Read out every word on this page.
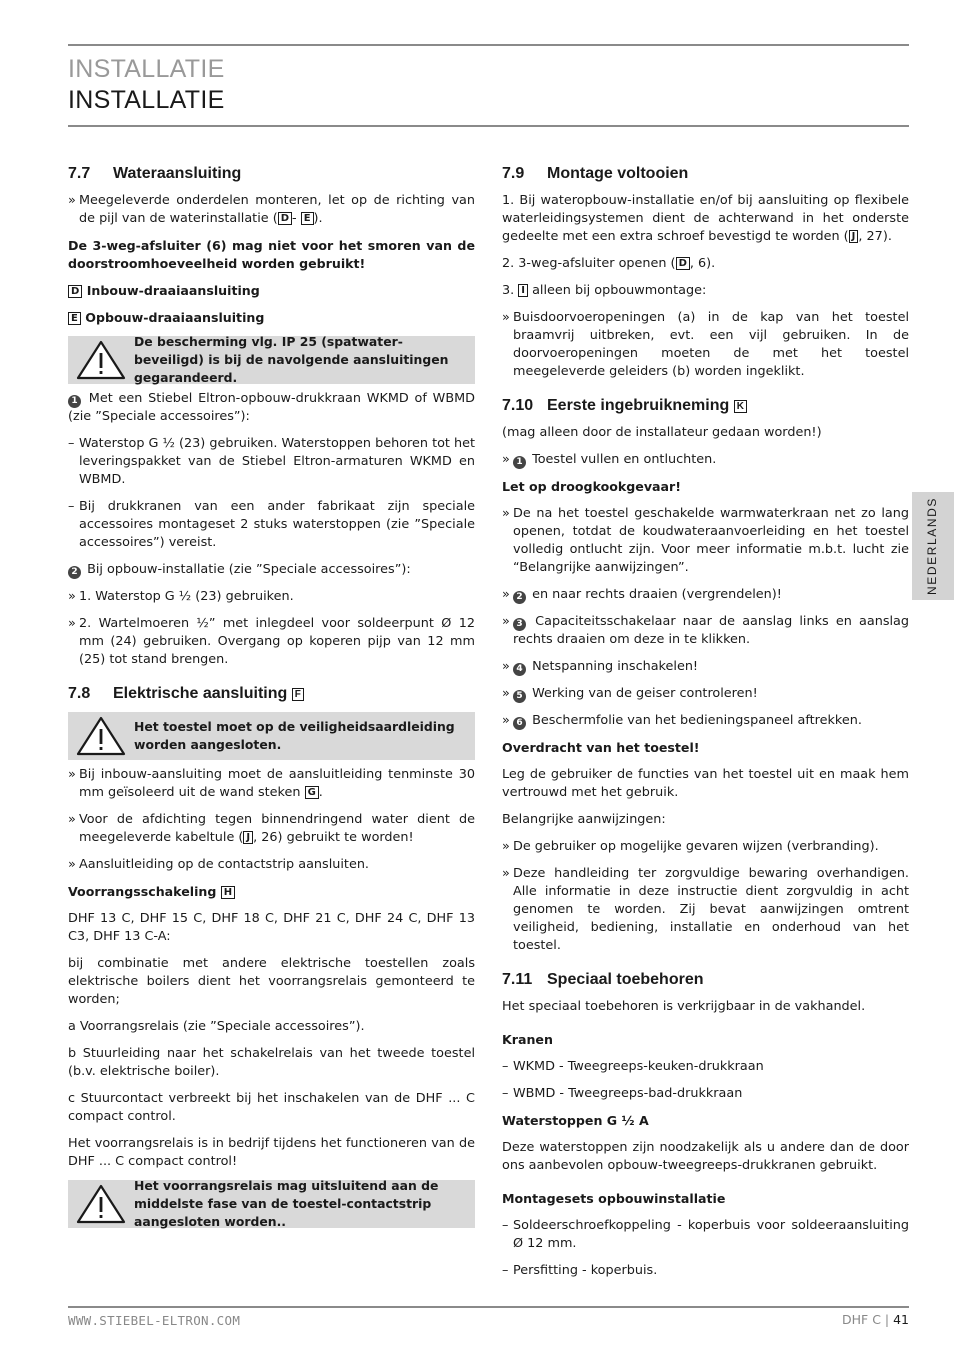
INSTALLATIE
INSTALLATIE
NEDERLANDS
7.7	Wateraansluiting
» Meegeleverde onderdelen monteren, let op de richting van de pijl van de waterinstallatie ( D - E ).
De 3-weg-afsluiter (6) mag niet voor het smoren van de doorstroomhoeveelheid worden gebruikt!
D Inbouw-draaiaansluiting
E Opbouw-draaiaansluiting
De bescherming vlg. IP 25 (spatwater-beveiligd) is bij de navolgende aansluitingen gegarandeerd.
1 Met een Stiebel Eltron-opbouw-drukkraan WKMD of WBMD (zie ”Speciale accessoires”):
– Waterstop G ½ (23) gebruiken. Waterstoppen behoren tot het leveringspakket van de Stiebel Eltron-armaturen WKMD en WBMD.
– Bij drukkranen van een ander fabrikaat zijn speciale accessoires montageset 2 stuks waterstoppen (zie ”Speciale accessoires”) vereist.
2 Bij opbouw-installatie (zie ”Speciale accessoires”):
» 1. Waterstop G ½ (23) gebruiken.
» 2. Wartelmoeren ½” met inlegdeel voor soldeerpunt Ø 12 mm (24) gebruiken. Overgang op koperen pijp van 12 mm (25) tot stand brengen.
7.8	Elektrische aansluiting F
Het toestel moet op de veiligheidsaardleiding worden aangesloten.
» Bij inbouw-aansluiting moet de aansluitleiding tenminste 30 mm geïsoleerd uit de wand steken G .
» Voor de afdichting tegen binnendringend water dient de meegeleverde kabeltule ( J , 26) gebruikt te worden!
» Aansluitleiding op de contactstrip aansluiten.
Voorrangsschakeling H
DHF 13 C, DHF 15 C, DHF 18 C, DHF 21 C, DHF 24 C, DHF 13 C3, DHF 13 C-A:
bij combinatie met andere elektrische toestellen zoals elektrische boilers dient het voorrangsrelais gemonteerd te worden;
a Voorrangsrelais (zie ”Speciale accessoires”).
b Stuurleiding naar het schakelrelais van het tweede toestel (b.v. elektrische boiler).
c Stuurcontact verbreekt bij het inschakelen van de DHF ... C compact control.
Het voorrangsrelais is in bedrijf tijdens het functioneren van de DHF ... C compact control!
Het voorrangsrelais mag uitsluitend aan de middelste fase van de toestel-contactstrip aangesloten worden..
7.9	Montage voltooien
1. Bij wateropbouw-installatie en/of bij aansluiting op flexibele waterleidingsystemen dient de achterwand in het onderste gedeelte met een extra schroef bevestigd te worden ( J , 27).
2. 3-weg-afsluiter openen ( D , 6).
3. I alleen bij opbouwmontage:
» Buisdoorvoeropeningen (a) in de kap van het toestel braamvrij uitbreken, evt. een vijl gebruiken. In de doorvoeropeningen moeten de met het toestel meegeleverde geleiders (b) worden ingeklikt.
7.10 Eerste ingebruikneming K
(mag alleen door de installateur gedaan worden!)
» 1 Toestel vullen en ontluchten.
Let op droogkookgevaar!
» De na het toestel geschakelde warmwaterkraan net zo lang openen, totdat de koudwateraanvoerleiding en het toestel volledig ontlucht zijn. Voor meer informatie m.b.t. lucht zie “Belangrijke aanwijzingen”.
» 2 en naar rechts draaien (vergrendelen)!
» 3 Capaciteitsschakelaar naar de aanslag links en aanslag rechts draaien om deze in te klikken.
» 4 Netspanning inschakelen!
» 5 Werking van de geiser controleren!
» 6 Beschermfolie van het bedieningspaneel aftrekken.
Overdracht van het toestel!
Leg de gebruiker de functies van het toestel uit en maak hem vertrouwd met het gebruik.
Belangrijke aanwijzingen:
» De gebruiker op mogelijke gevaren wijzen (verbranding).
» Deze handleiding ter zorgvuldige bewaring overhandigen. Alle informatie in deze instructie dient zorgvuldig in acht genomen te worden. Zij bevat aanwijzingen omtrent veiligheid, bediening, installatie en onderhoud van het toestel.
7.11 Speciaal toebehoren
Het speciaal toebehoren is verkrijgbaar in de vakhandel.
Kranen
– WKMD - Tweegreeps-keuken-drukkraan
– WBMD - Tweegreeps-bad-drukkraan
Waterstoppen G ½ A
Deze waterstoppen zijn noodzakelijk als u andere dan de door ons aanbevolen opbouw-tweegreeps-drukkranen gebruikt.
Montagesets opbouwinstallatie
– Soldeerschroefkoppeling - koperbuis voor soldeeraansluiting Ø 12 mm.
– Persfitting - koperbuis.
WWW.STIEBEL-ELTRON.COM	DHF C | 41
